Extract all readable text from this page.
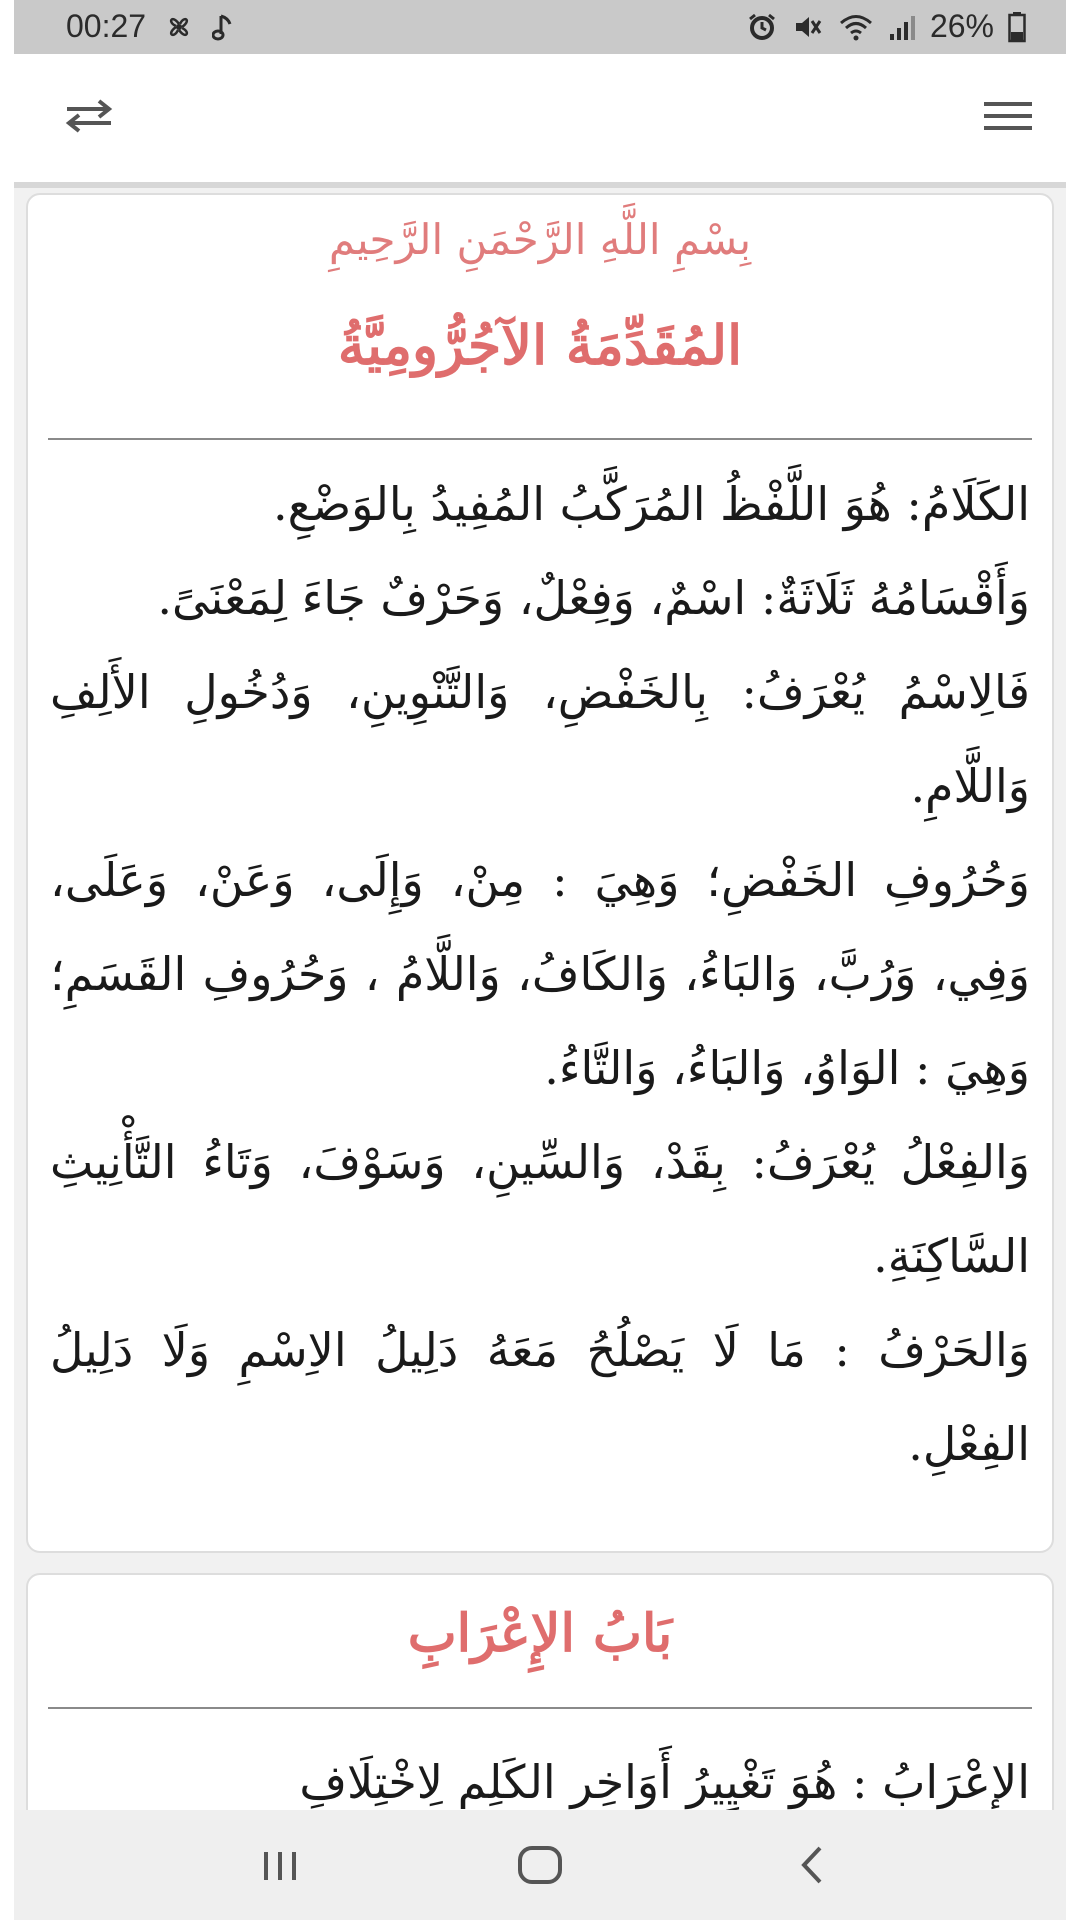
00:27	26%
بِسْمِ اللَّهِ الرَّحْمَنِ الرَّحِيمِ
المُقَدِّمَةُ الآجُرُّومِيَّةُ

الكَلَامُ: هُوَ اللَّفْظُ المُرَكَّبُ المُفِيدُ بِالوَضْعِ.

وَأَقْسَامُهُ ثَلَاثَةٌ: اسْمٌ، وَفِعْلٌ، وَحَرْفٌ جَاءَ لِمَعْنَىً.

فَالِاسْمُ يُعْرَفُ: بِالخَفْضِ، وَالتَّنْوِينِ، وَدُخُولِ الأَلِفِ وَاللَّامِ.

وَحُرُوفِ الخَفْضِ؛ وَهِيَ : مِنْ، وَإِلَى، وَعَنْ، وَعَلَى، وَفِي، وَرُبَّ، وَالبَاءُ، وَالكَافُ، وَاللَّامُ ، وَحُرُوفِ القَسَمِ؛ وَهِيَ : الوَاوُ، وَالبَاءُ، وَالتَّاءُ.

وَالفِعْلُ يُعْرَفُ: بِقَدْ، وَالسِّينِ، وَسَوْفَ، وَتَاءُ التَّأْنِيثِ السَّاكِنَةِ.

وَالحَرْفُ : مَا لَا يَصْلُحُ مَعَهُ دَلِيلُ الاِسْمِ وَلَا دَلِيلُ الفِعْلِ.

بَابُ الإِعْرَابِ

الإِعْرَابُ : هُوَ تَغْيِيرُ أَوَاخِرِ الكَلِمِ لِاخْتِلَافِ
